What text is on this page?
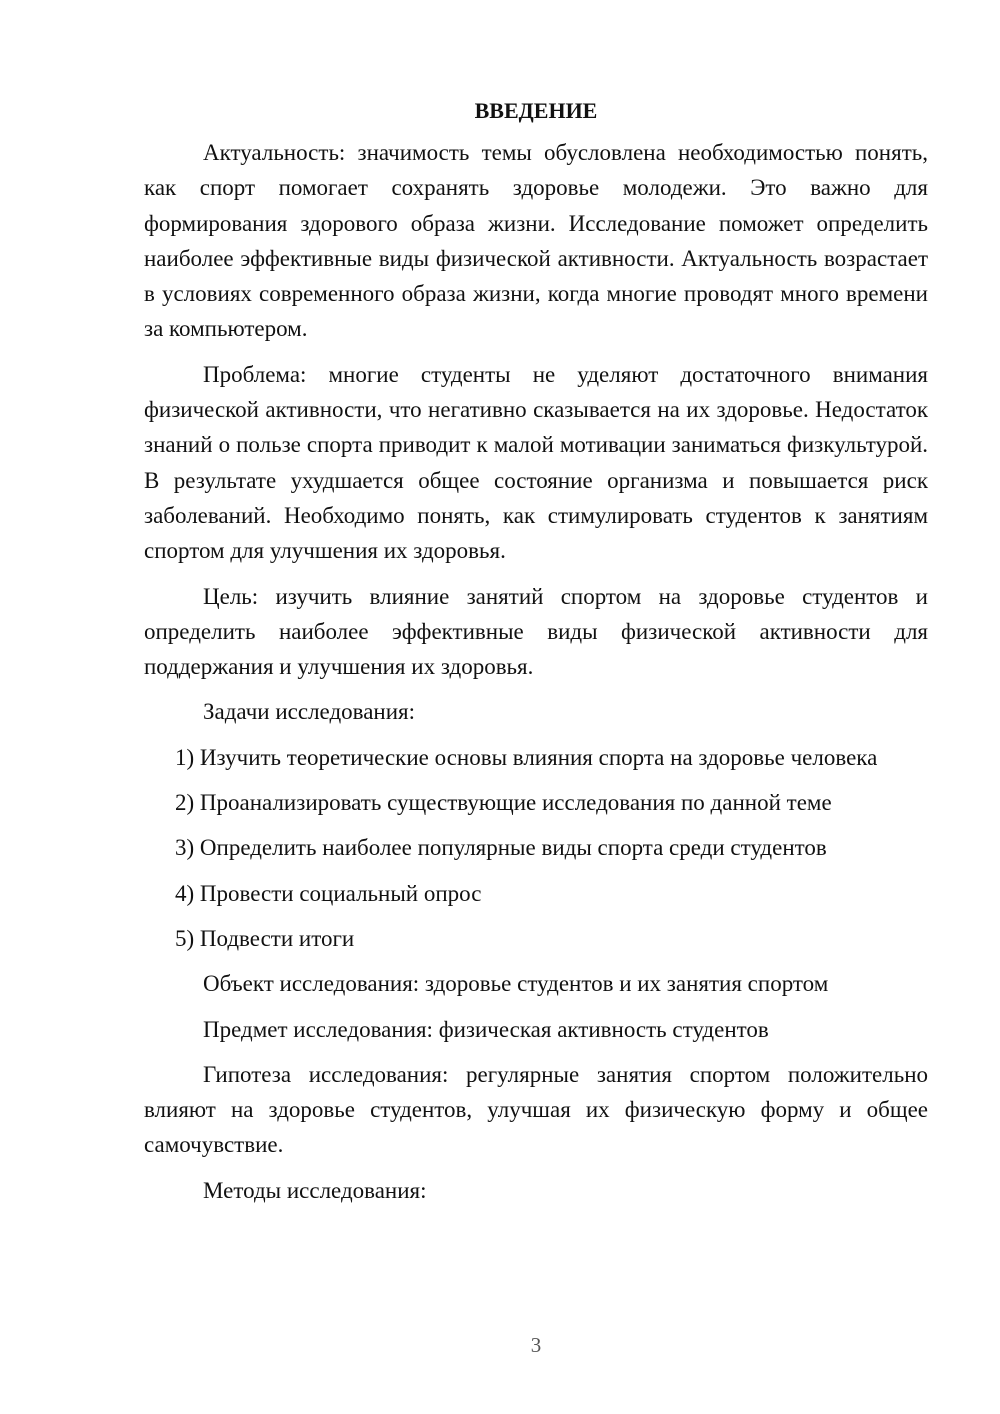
ВВЕДЕНИЕ

Актуальность: значимость темы обусловлена необходимостью понять, как спорт помогает сохранять здоровье молодежи. Это важно для формирования здорового образа жизни. Исследование поможет определить наиболее эффективные виды физической активности. Актуальность возрастает в условиях современного образа жизни, когда многие проводят много времени за компьютером.

Проблема: многие студенты не уделяют достаточного внимания физической активности, что негативно сказывается на их здоровье. Недостаток знаний о пользе спорта приводит к малой мотивации заниматься физкультурой. В результате ухудшается общее состояние организма и повышается риск заболеваний. Необходимо понять, как стимулировать студентов к занятиям спортом для улучшения их здоровья.

Цель: изучить влияние занятий спортом на здоровье студентов и определить наиболее эффективные виды физической активности для поддержания и улучшения их здоровья.

Задачи исследования:

1) Изучить теоретические основы влияния спорта на здоровье человека

2) Проанализировать существующие исследования по данной теме

3) Определить наиболее популярные виды спорта среди студентов

4) Провести социальный опрос

5) Подвести итоги

Объект исследования: здоровье студентов и их занятия спортом

Предмет исследования: физическая активность студентов

Гипотеза исследования: регулярные занятия спортом положительно влияют на здоровье студентов, улучшая их физическую форму и общее самочувствие.

Методы исследования:

3
